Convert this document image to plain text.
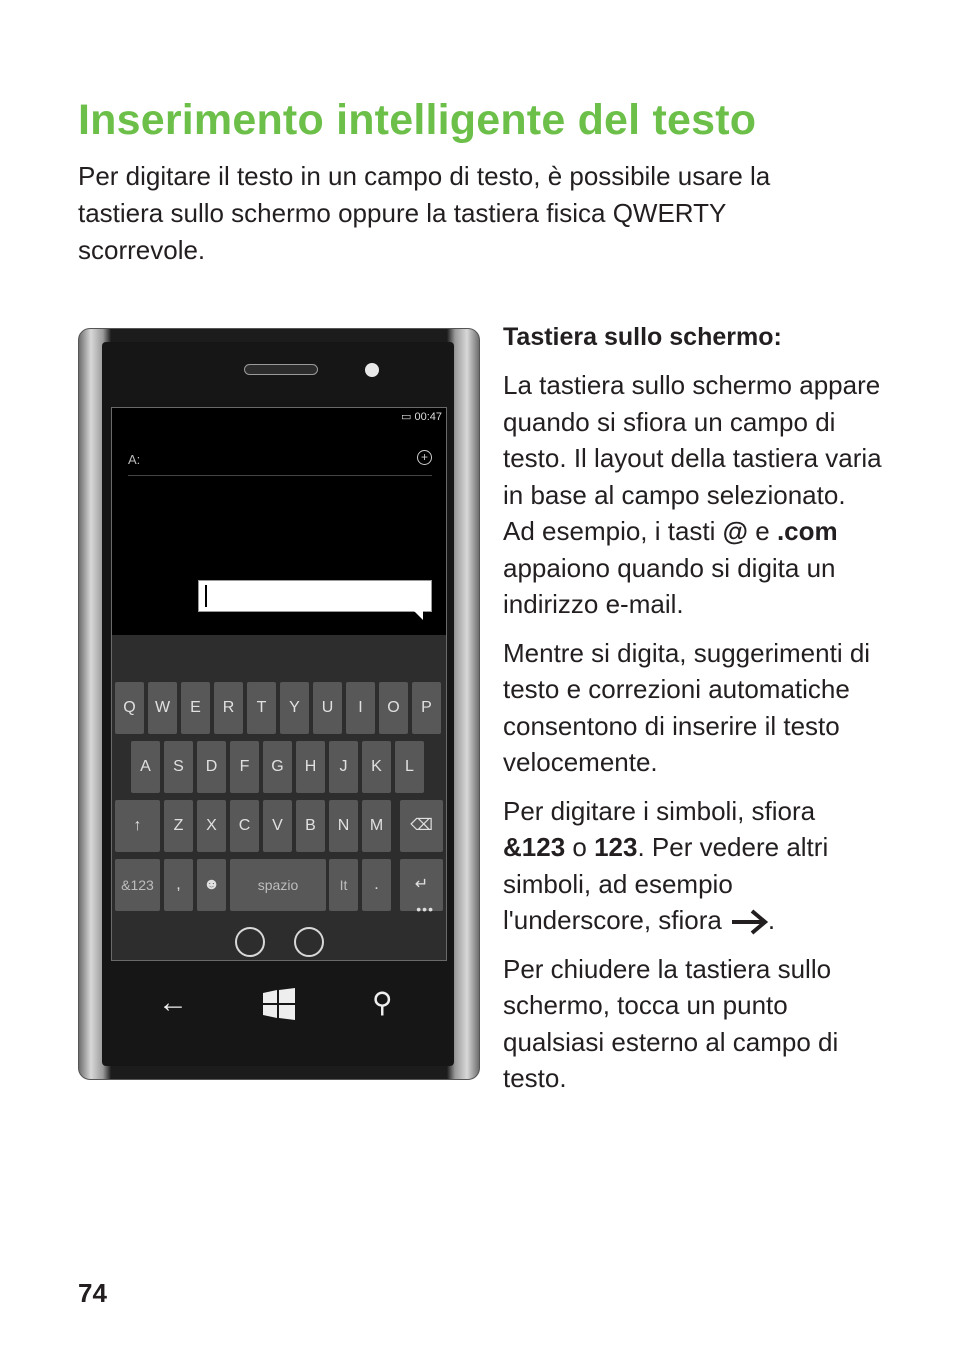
Inserimento intelligente del testo

Per digitare il testo in un campo di testo, è possibile usare la tastiera sullo schermo oppure la tastiera fisica QWERTY scorrevole.

▭ 00:47
A:	+
Q	W	E	R	T	Y	U	I	O	P
A	S	D	F	G	H	J	K	L
↑	Z	X	C	V	B	N	M	⌫
&123	,	☻	spazio	It	.	↵
•••
←	⚲
Tastiera sullo schermo:

La tastiera sullo schermo appare quando si sfiora un campo di testo. Il layout della tastiera varia in base al campo selezionato. Ad esempio, i tasti @ e .com appaiono quando si digita un indirizzo e-mail.

Mentre si digita, suggerimenti di testo e correzioni automatiche consentono di inserire il testo velocemente.

Per digitare i simboli, sfiora &123 o 123. Per vedere altri simboli, ad esempio l'underscore, sfiora .

Per chiudere la tastiera sullo schermo, tocca un punto qualsiasi esterno al campo di testo.

74
